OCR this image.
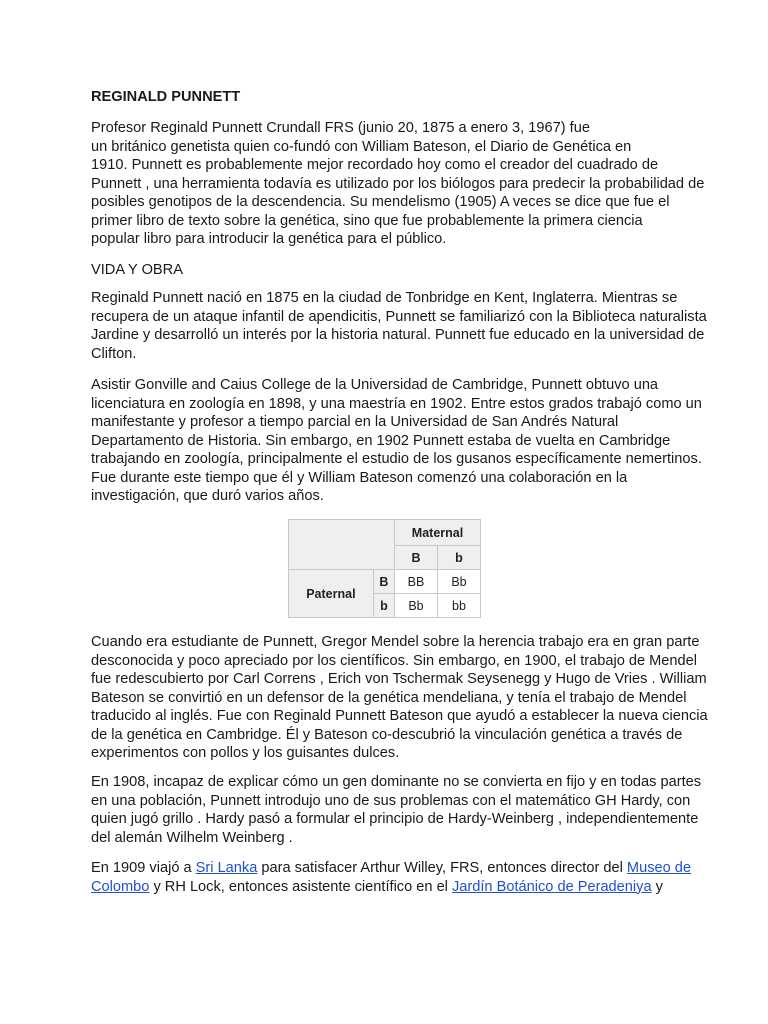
REGINALD PUNNETT

Profesor Reginald Punnett Crundall FRS (junio 20, 1875 a enero 3, 1967) fue
un británico genetista quien co-fundó con William Bateson, el Diario de Genética en
1910. Punnett es probablemente mejor recordado hoy como el creador del cuadrado de
Punnett , una herramienta todavía es utilizado por los biólogos para predecir la probabilidad de
posibles genotipos de la descendencia. Su mendelismo (1905) A veces se dice que fue el
primer libro de texto sobre la genética, sino que fue probablemente la primera ciencia
popular libro para introducir la genética para el público.

VIDA Y OBRA

Reginald Punnett nació en 1875 en la ciudad de Tonbridge en Kent, Inglaterra. Mientras se
recupera de un ataque infantil de apendicitis, Punnett se familiarizó con la Biblioteca naturalista
Jardine y desarrolló un interés por la historia natural. Punnett fue educado en la universidad de
Clifton.

Asistir Gonville and Caius College de la Universidad de Cambridge, Punnett obtuvo una
licenciatura en zoología en 1898, y una maestría en 1902. Entre estos grados trabajó como un
manifestante y profesor a tiempo parcial en la Universidad de San Andrés Natural
Departamento de Historia. Sin embargo, en 1902 Punnett estaba de vuelta en Cambridge
trabajando en zoología, principalmente el estudio de los gusanos específicamente nemertinos.
Fue durante este tiempo que él y William Bateson comenzó una colaboración en la
investigación, que duró varios años.

		Maternal	
		B	b
Paternal	B	BB	Bb
	b	Bb	bb

Cuando era estudiante de Punnett, Gregor Mendel sobre la herencia trabajo era en gran parte
desconocida y poco apreciado por los científicos. Sin embargo, en 1900, el trabajo de Mendel
fue redescubierto por Carl Correns , Erich von Tschermak Seysenegg y Hugo de Vries . William
Bateson se convirtió en un defensor de la genética mendeliana, y tenía el trabajo de Mendel
traducido al inglés. Fue con Reginald Punnett Bateson que ayudó a establecer la nueva ciencia
de la genética en Cambridge. Él y Bateson co-descubrió la vinculación genética a través de
experimentos con pollos y los guisantes dulces.

En 1908, incapaz de explicar cómo un gen dominante no se convierta en fijo y en todas partes
en una población, Punnett introdujo uno de sus problemas con el matemático GH Hardy, con
quien jugó grillo . Hardy pasó a formular el principio de Hardy-Weinberg , independientemente
del alemán Wilhelm Weinberg .

En 1909 viajó a Sri Lanka para satisfacer Arthur Willey, FRS, entonces director del Museo de
Colombo y RH Lock, entonces asistente científico en el Jardín Botánico de Peradeniya y
